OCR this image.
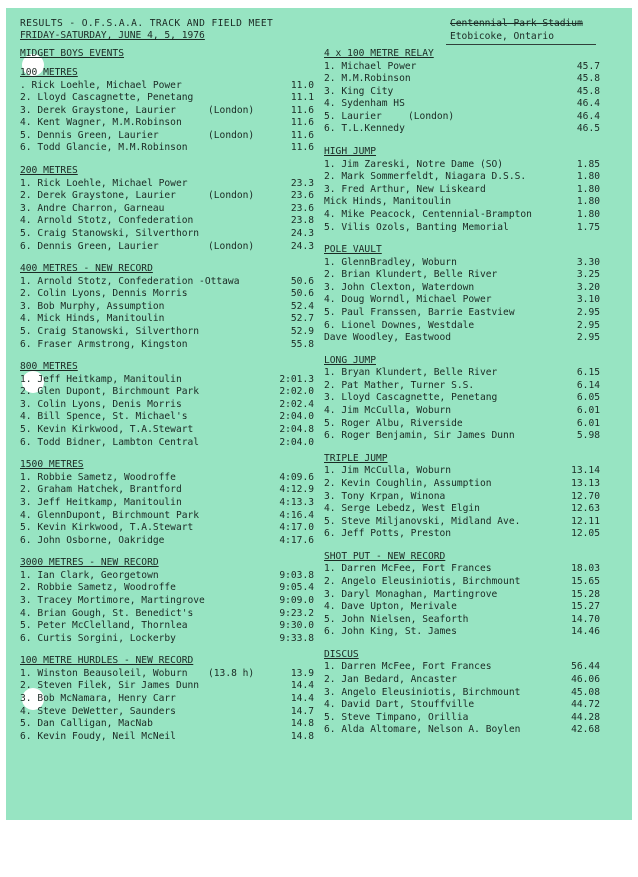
RESULTS - O.F.S.A.A. TRACK AND FIELD MEET
FRIDAY-SATURDAY, JUNE 4, 5, 1976
Centennial Park Stadium
Etobicoke, Ontario
MIDGET BOYS EVENTS
100 METRES
. Rick Loehle, Michael Power	11.0
2. Lloyd Cascagnette, Penetang	11.1
3. Derek Graystone, Laurier	(London)	11.6
4. Kent Wagner, M.M.Robinson	11.6
5. Dennis Green, Laurier	(London)	11.6
6. Todd Glancie, M.M.Robinson	11.6
200 METRES
1. Rick Loehle, Michael Power	23.3
2. Derek Graystone, Laurier	(London)	23.6
3. Andre Charron, Garneau	23.6
4. Arnold Stotz, Confederation	23.8
5. Craig Stanowski, Silverthorn	24.3
6. Dennis Green, Laurier	(London)	24.3
400 METRES - NEW RECORD
1. Arnold Stotz, Confederation -Ottawa	50.6
2. Colin Lyons, Dennis Morris	50.6
3. Bob Murphy, Assumption	52.4
4. Mick Hinds, Manitoulin	52.7
5. Craig Stanowski, Silverthorn	52.9
6. Fraser Armstrong, Kingston	55.8
800 METRES
1. Jeff Heitkamp, Manitoulin	2:01.3
2. Glen Dupont, Birchmount Park	2:02.0
3. Colin Lyons, Denis Morris	2:02.4
4. Bill Spence, St. Michael's	2:04.0
5. Kevin Kirkwood, T.A.Stewart	2:04.8
6. Todd Bidner, Lambton Central	2:04.0
1500 METRES
1. Robbie Sametz, Woodroffe	4:09.6
2. Graham Hatchek, Brantford	4:12.9
3. Jeff Heitkamp, Manitoulin	4:13.3
4. GlennDupont, Birchmount Park	4:16.4
5. Kevin Kirkwood, T.A.Stewart	4:17.0
6. John Osborne, Oakridge	4:17.6
3000 METRES - NEW RECORD
1. Ian Clark, Georgetown	9:03.8
2. Robbie Sametz, Woodroffe	9:05.4
3. Tracey Mortimore, Martingrove	9:09.0
4. Brian Gough, St. Benedict's	9:23.2
5. Peter McClelland, Thornlea	9:30.0
6. Curtis Sorgini, Lockerby	9:33.8
100 METRE HURDLES - NEW RECORD
1. Winston Beausoleil, Woburn (13.8 h)	13.9
2. Steven Filek, Sir James Dunn	14.4
3. Bob McNamara, Henry Carr	14.4
4. Steve DeWetter, Saunders	14.7
5. Dan Calligan, MacNab	14.8
6. Kevin Foudy, Neil McNeil	14.8
4 x 100 METRE RELAY
1. Michael Power	45.7
2. M.M.Robinson	45.8
3. King City	45.8
4. Sydenham HS	46.4
5. Laurier	(London)	46.4
6. T.L.Kennedy	46.5
HIGH JUMP
1. Jim Zareski, Notre Dame (SO)	1.85
2. Mark Sommerfeldt, Niagara D.S.S.	1.80
3. Fred Arthur, New Liskeard	1.80
Mick Hinds, Manitoulin	1.80
4. Mike Peacock, Centennial-Brampton	1.80
5. Vilis Ozols, Banting Memorial	1.75
POLE VAULT
1. GlennBradley, Woburn	3.30
2. Brian Klundert, Belle River	3.25
3. John Clexton, Waterdown	3.20
4. Doug Worndl, Michael Power	3.10
5. Paul Franssen, Barrie Eastview	2.95
6. Lionel Downes, Westdale	2.95
Dave Woodley, Eastwood	2.95
LONG JUMP
1. Bryan Klundert, Belle River	6.15
2. Pat Mather, Turner S.S.	6.14
3. Lloyd Cascagnette, Penetang	6.05
4. Jim McCulla, Woburn	6.01
5. Roger Albu, Riverside	6.01
6. Roger Benjamin, Sir James Dunn	5.98
TRIPLE JUMP
1. Jim McCulla, Woburn	13.14
2. Kevin Coughlin, Assumption	13.13
3. Tony Krpan, Winona	12.70
4. Serge Lebedz, West Elgin	12.63
5. Steve Miljanovski, Midland Ave.	12.11
6. Jeff Potts, Preston	12.05
SHOT PUT - NEW RECORD
1. Darren McFee, Fort Frances	18.03
2. Angelo Eleusiniotis, Birchmount	15.65
3. Daryl Monaghan, Martingrove	15.28
4. Dave Upton, Merivale	15.27
5. John Nielsen, Seaforth	14.70
6. John King, St. James	14.46
DISCUS
1. Darren McFee, Fort Frances	56.44
2. Jan Bedard, Ancaster	46.06
3. Angelo Eleusiniotis, Birchmount	45.08
4. David Dart, Stouffville	44.72
5. Steve Timpano, Orillia	44.28
6. Alda Altomare, Nelson A. Boylen	42.68
